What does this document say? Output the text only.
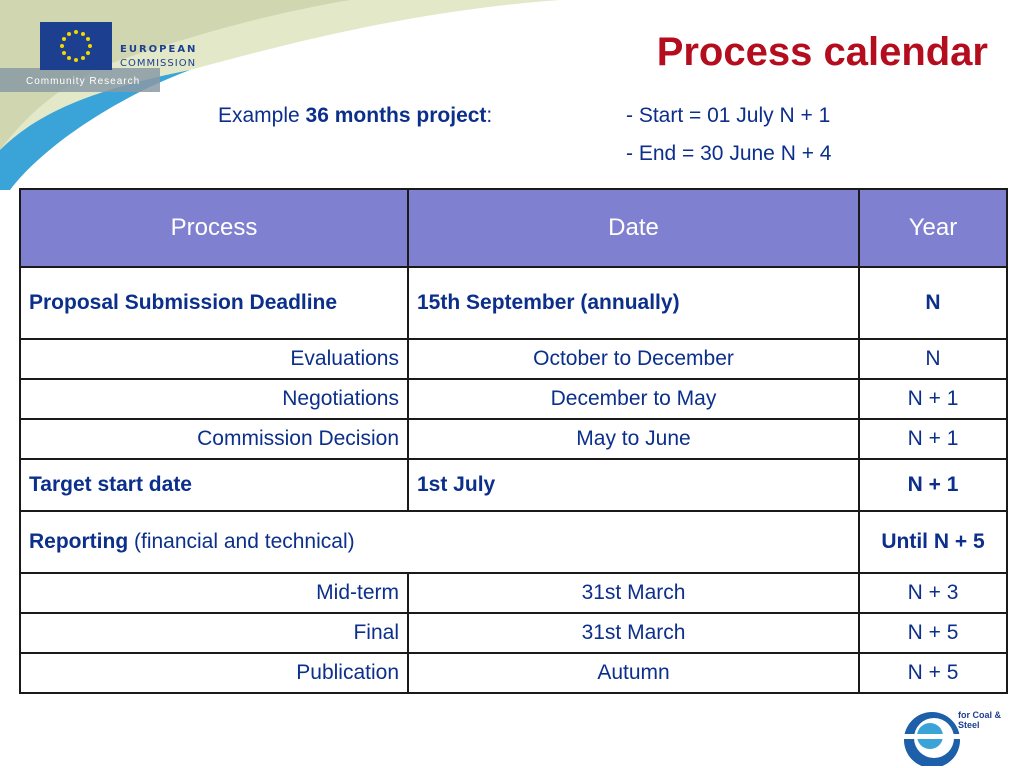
EUROPEAN
COMMISSION
Community Research
Process calendar
Example 36 months project:	- Start = 01 July N + 1
- End = 30 June N + 4
Process	Date	Year
Proposal Submission Deadline	15th September (annually)	N
Evaluations	October to December	N
Negotiations	December to May	N + 1
Commission Decision	May to June	N + 1
Target start date	1st July	N + 1
Reporting (financial and technical)		Until N + 5
Mid-term	31st March	N + 3
Final	31st March	N + 5
Publication	Autumn	N + 5
for Coal & Steel
